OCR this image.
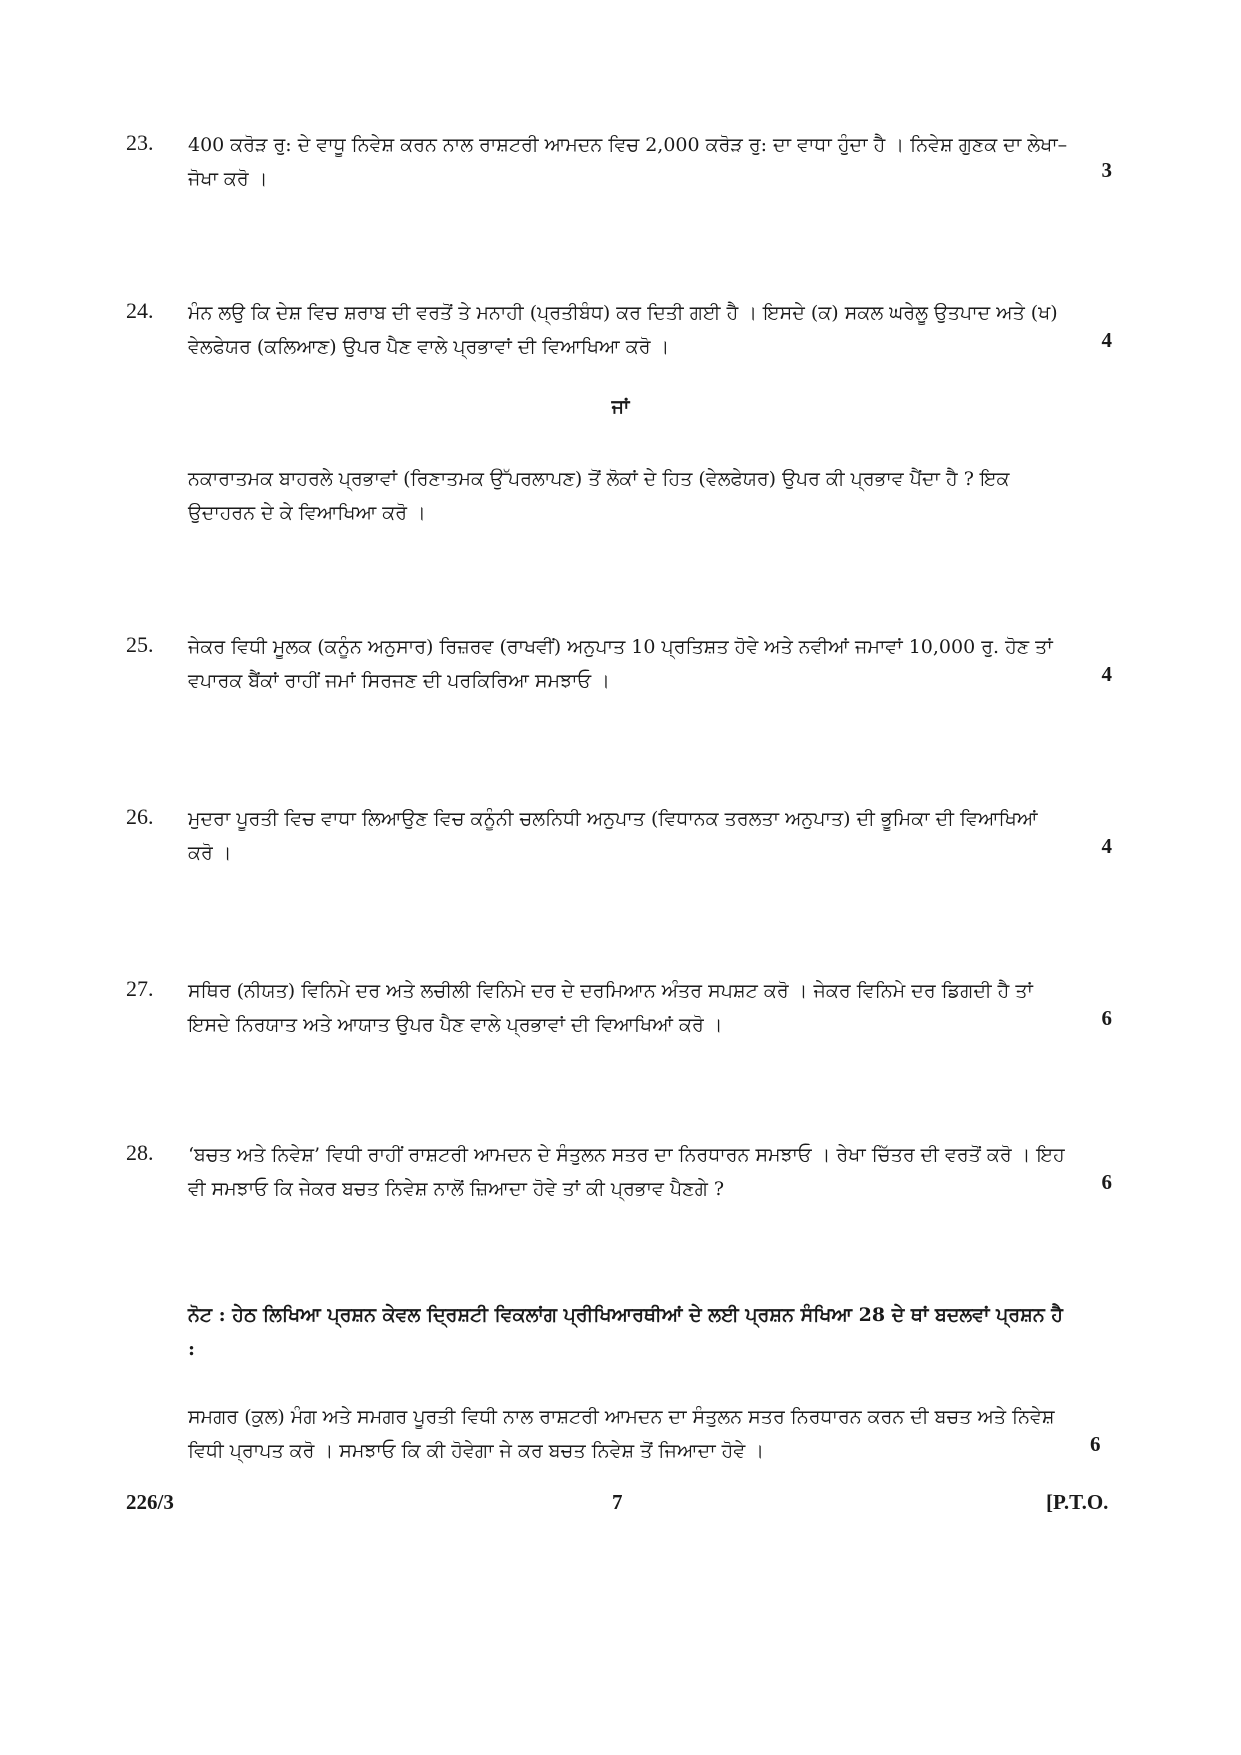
23. 400 ਕਰੋੜ ਰੁ: ਦੇ ਵਾਧੂ ਨਿਵੇਸ਼ ਕਰਨ ਨਾਲ ਰਾਸ਼ਟਰੀ ਆਮਦਨ ਵਿਚ 2,000 ਕਰੋੜ ਰੁ: ਦਾ ਵਾਧਾ ਹੁੰਦਾ ਹੈ । ਨਿਵੇਸ਼ ਗੁਣਕ ਦਾ ਲੇਖਾ–ਜੋਖਾ ਕਰੋ ।	3
24. ਮੰਨ ਲਉ ਕਿ ਦੇਸ਼ ਵਿਚ ਸ਼ਰਾਬ ਦੀ ਵਰਤੋਂ ਤੇ ਮਨਾਹੀ (ਪ੍ਰਤੀਬੰਧ) ਕਰ ਦਿਤੀ ਗਈ ਹੈ । ਇਸਦੇ (ਕ) ਸਕਲ ਘਰੇਲੂ ਉਤਪਾਦ ਅਤੇ (ਖ) ਵੇਲਫੇਯਰ (ਕਲਿਆਣ) ਉਪਰ ਪੈਣ ਵਾਲੇ ਪ੍ਰਭਾਵਾਂ ਦੀ ਵਿਆਖਿਆ ਕਰੋ ।	4
ਜਾਂ
ਨਕਾਰਾਤਮਕ ਬਾਹਰਲੇ ਪ੍ਰਭਾਵਾਂ (ਰਿਣਾਤਮਕ ਉੱਪਰਲਾਪਣ) ਤੋਂ ਲੋਕਾਂ ਦੇ ਹਿਤ (ਵੇਲਫੇਯਰ) ਉਪਰ ਕੀ ਪ੍ਰਭਾਵ ਪੈਂਦਾ ਹੈ ? ਇਕ ਉਦਾਹਰਨ ਦੇ ਕੇ ਵਿਆਖਿਆ ਕਰੋ ।
25. ਜੇਕਰ ਵਿਧੀ ਮੂਲਕ (ਕਨੂੰਨ ਅਨੁਸਾਰ) ਰਿਜ਼ਰਵ (ਰਾਖਵੀਂ) ਅਨੁਪਾਤ 10 ਪ੍ਰਤਿਸ਼ਤ ਹੋਵੇ ਅਤੇ ਨਵੀਆਂ ਜਮਾਵਾਂ 10,000 ਰੁ. ਹੋਣ ਤਾਂ ਵਪਾਰਕ ਬੈਂਕਾਂ ਰਾਹੀਂ ਜਮਾਂ ਸਿਰਜਣ ਦੀ ਪਰਕਿਰਿਆ ਸਮਝਾਓ ।	4
26. ਮੁਦਰਾ ਪੂਰਤੀ ਵਿਚ ਵਾਧਾ ਲਿਆਉਣ ਵਿਚ ਕਨੂੰਨੀ ਚਲਨਿਧੀ ਅਨੁਪਾਤ (ਵਿਧਾਨਕ ਤਰਲਤਾ ਅਨੁਪਾਤ) ਦੀ ਭੂਮਿਕਾ ਦੀ ਵਿਆਖਿਆਂ ਕਰੋ ।	4
27. ਸਥਿਰ (ਨੀਯਤ) ਵਿਨਿਮੇ ਦਰ ਅਤੇ ਲਚੀਲੀ ਵਿਨਿਮੇ ਦਰ ਦੇ ਦਰਮਿਆਨ ਅੰਤਰ ਸਪਸ਼ਟ ਕਰੋ । ਜੇਕਰ ਵਿਨਿਮੇ ਦਰ ਡਿਗਦੀ ਹੈ ਤਾਂ ਇਸਦੇ ਨਿਰਯਾਤ ਅਤੇ ਆਯਾਤ ਉਪਰ ਪੈਣ ਵਾਲੇ ਪ੍ਰਭਾਵਾਂ ਦੀ ਵਿਆਖਿਆਂ ਕਰੋ ।	6
28. ‘ਬਚਤ ਅਤੇ ਨਿਵੇਸ਼’ ਵਿਧੀ ਰਾਹੀਂ ਰਾਸ਼ਟਰੀ ਆਮਦਨ ਦੇ ਸੰਤੁਲਨ ਸਤਰ ਦਾ ਨਿਰਧਾਰਨ ਸਮਝਾਓ । ਰੇਖਾ ਚਿੱਤਰ ਦੀ ਵਰਤੋਂ ਕਰੋ । ਇਹ ਵੀ ਸਮਝਾਓ ਕਿ ਜੇਕਰ ਬਚਤ ਨਿਵੇਸ਼ ਨਾਲੋਂ ਜ਼ਿਆਦਾ ਹੋਵੇ ਤਾਂ ਕੀ ਪ੍ਰਭਾਵ ਪੈਣਗੇ ?	6
ਨੋਟ : ਹੇਠ ਲਿਖਿਆ ਪ੍ਰਸ਼ਨ ਕੇਵਲ ਦ੍ਰਿਸ਼ਟੀ ਵਿਕਲਾਂਗ ਪ੍ਰੀਖਿਆਰਥੀਆਂ ਦੇ ਲਈ ਪ੍ਰਸ਼ਨ ਸੰਖਿਆ 28 ਦੇ ਥਾਂ ਬਦਲਵਾਂ ਪ੍ਰਸ਼ਨ ਹੈ :
ਸਮਗਰ (ਕੁਲ) ਮੰਗ ਅਤੇ ਸਮਗਰ ਪੂਰਤੀ ਵਿਧੀ ਨਾਲ ਰਾਸ਼ਟਰੀ ਆਮਦਨ ਦਾ ਸੰਤੁਲਨ ਸਤਰ ਨਿਰਧਾਰਨ ਕਰਨ ਦੀ ਬਚਤ ਅਤੇ ਨਿਵੇਸ਼ ਵਿਧੀ ਪ੍ਰਾਪਤ ਕਰੋ । ਸਮਝਾਓ ਕਿ ਕੀ ਹੋਵੇਗਾ ਜੇ ਕਰ ਬਚਤ ਨਿਵੇਸ਼ ਤੋਂ ਜਿਆਦਾ ਹੋਵੇ ।	6
226/3	7	[P.T.O.
